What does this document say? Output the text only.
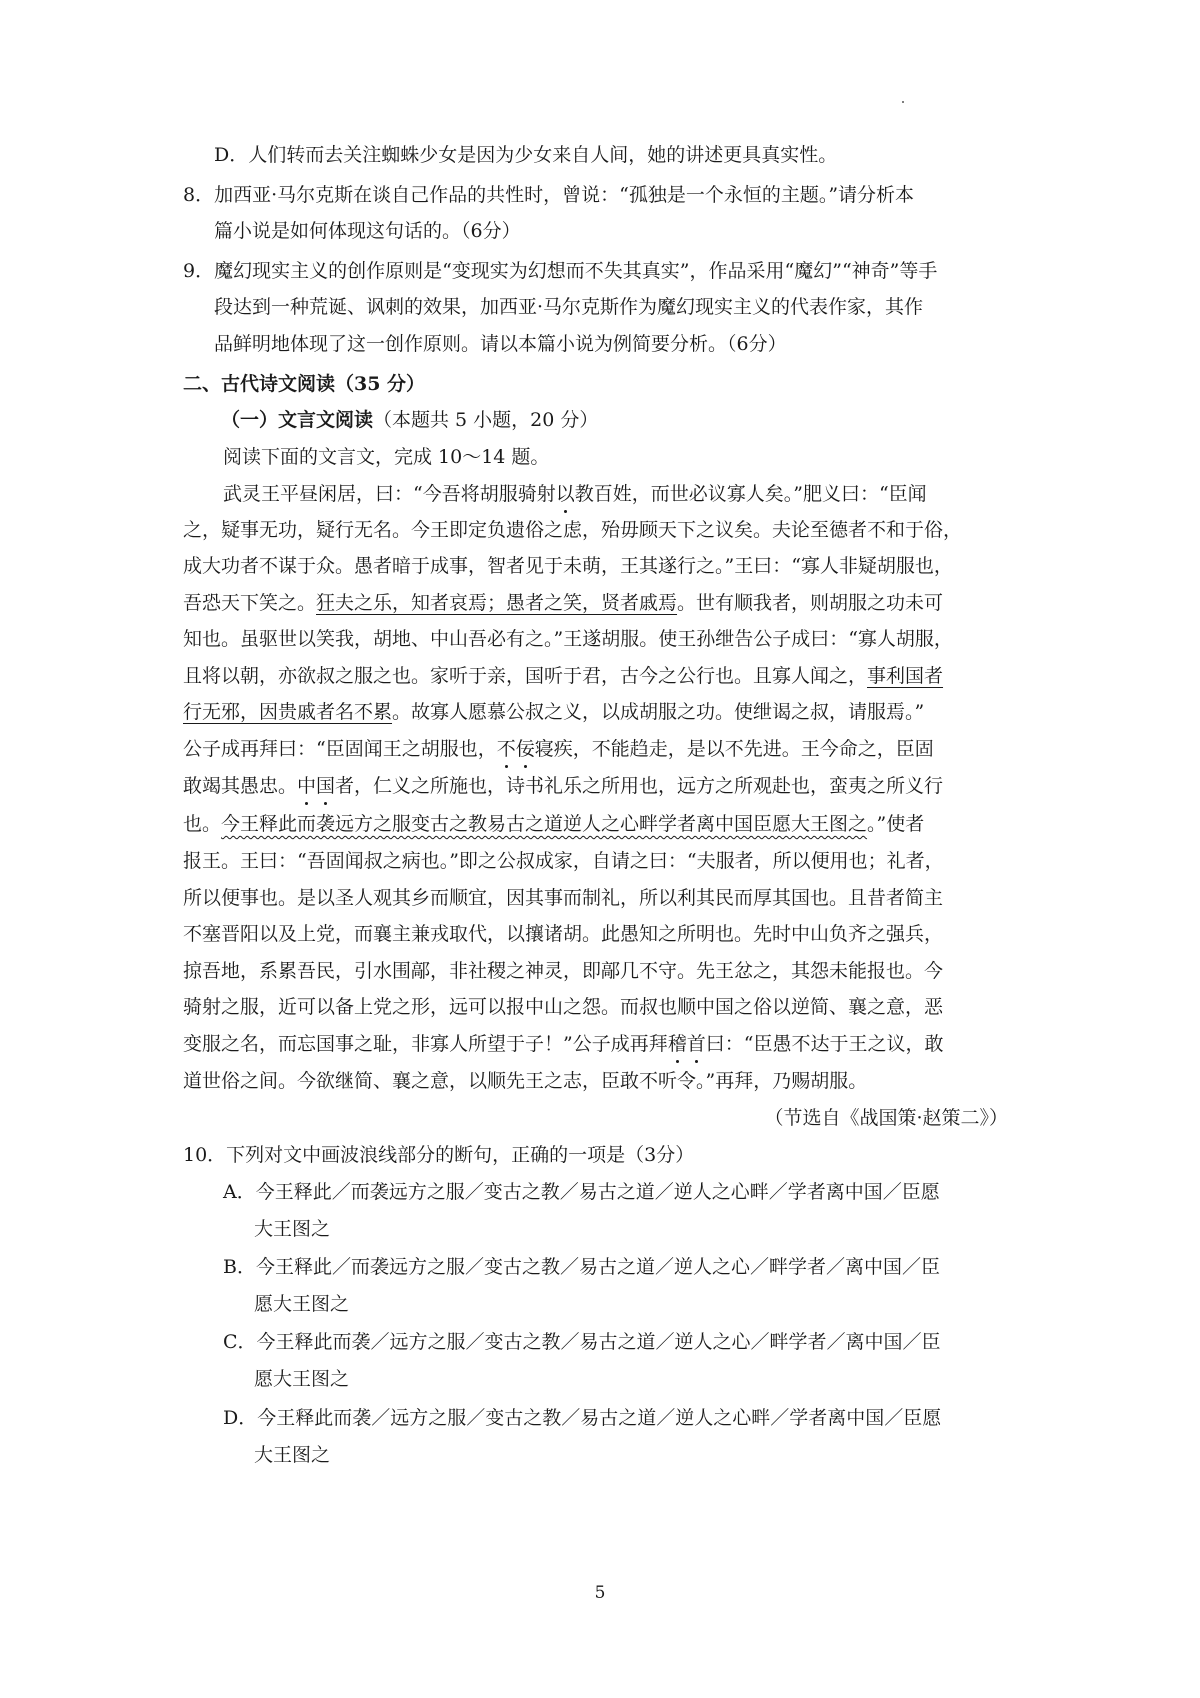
D．人们转而去关注蜘蛛少女是因为少女来自人间，她的讲述更具真实性。
8．加西亚·马尔克斯在谈自己作品的共性时，曾说：“孤独是一个永恒的主题。”请分析本
篇小说是如何体现这句话的。（6分）
9．魔幻现实主义的创作原则是“变现实为幻想而不失其真实”，作品采用“魔幻”“神奇”等手
段达到一种荒诞、讽刺的效果，加西亚·马尔克斯作为魔幻现实主义的代表作家，其作
品鲜明地体现了这一创作原则。请以本篇小说为例简要分析。（6分）
二、古代诗文阅读（35 分）
（一）文言文阅读（本题共 5 小题，20 分）
阅读下面的文言文，完成 10～14 题。
武灵王平昼闲居，曰：“今吾将胡服骑射以教百姓，而世必议寡人矣。”肥义曰：“臣闻
之，疑事无功，疑行无名。今王即定负遗俗之虑，殆毋顾天下之议矣。夫论至德者不和于俗，
成大功者不谋于众。愚者暗于成事，智者见于未萌，王其遂行之。”王曰：“寡人非疑胡服也，
吾恐天下笑之。狂夫之乐，知者哀焉；愚者之笑，贤者戚焉。世有顺我者，则胡服之功未可
知也。虽驱世以笑我，胡地、中山吾必有之。”王遂胡服。使王孙绁告公子成曰：“寡人胡服，
且将以朝，亦欲叔之服之也。家听于亲，国听于君，古今之公行也。且寡人闻之，事利国者
行无邪，因贵戚者名不累。故寡人愿慕公叔之义，以成胡服之功。使绁谒之叔，请服焉。”
公子成再拜曰：“臣固闻王之胡服也，不佞寝疾，不能趋走，是以不先进。王今命之，臣固
敢竭其愚忠。中国者，仁义之所施也，诗书礼乐之所用也，远方之所观赴也，蛮夷之所义行
也。今王释此而袭远方之服变古之教易古之道逆人之心畔学者离中国臣愿大王图之。”使者
报王。王曰：“吾固闻叔之病也。”即之公叔成家，自请之曰：“夫服者，所以便用也；礼者，
所以便事也。是以圣人观其乡而顺宜，因其事而制礼，所以利其民而厚其国也。且昔者简主
不塞晋阳以及上党，而襄主兼戎取代，以攘诸胡。此愚知之所明也。先时中山负齐之强兵，
掠吾地，系累吾民，引水围鄗，非社稷之神灵，即鄗几不守。先王忿之，其怨未能报也。今
骑射之服，近可以备上党之形，远可以报中山之怨。而叔也顺中国之俗以逆简、襄之意，恶
变服之名，而忘国事之耻，非寡人所望于子！”公子成再拜稽首曰：“臣愚不达于王之议，敢
道世俗之间。今欲继简、襄之意，以顺先王之志，臣敢不听令。”再拜，乃赐胡服。
（节选自《战国策·赵策二》）
10．下列对文中画波浪线部分的断句，正确的一项是（3分）
A．今王释此／而袭远方之服／变古之教／易古之道／逆人之心畔／学者离中国／臣愿
大王图之
B．今王释此／而袭远方之服／变古之教／易古之道／逆人之心／畔学者／离中国／臣
愿大王图之
C．今王释此而袭／远方之服／变古之教／易古之道／逆人之心／畔学者／离中国／臣
愿大王图之
D．今王释此而袭／远方之服／变古之教／易古之道／逆人之心畔／学者离中国／臣愿
大王图之
5
